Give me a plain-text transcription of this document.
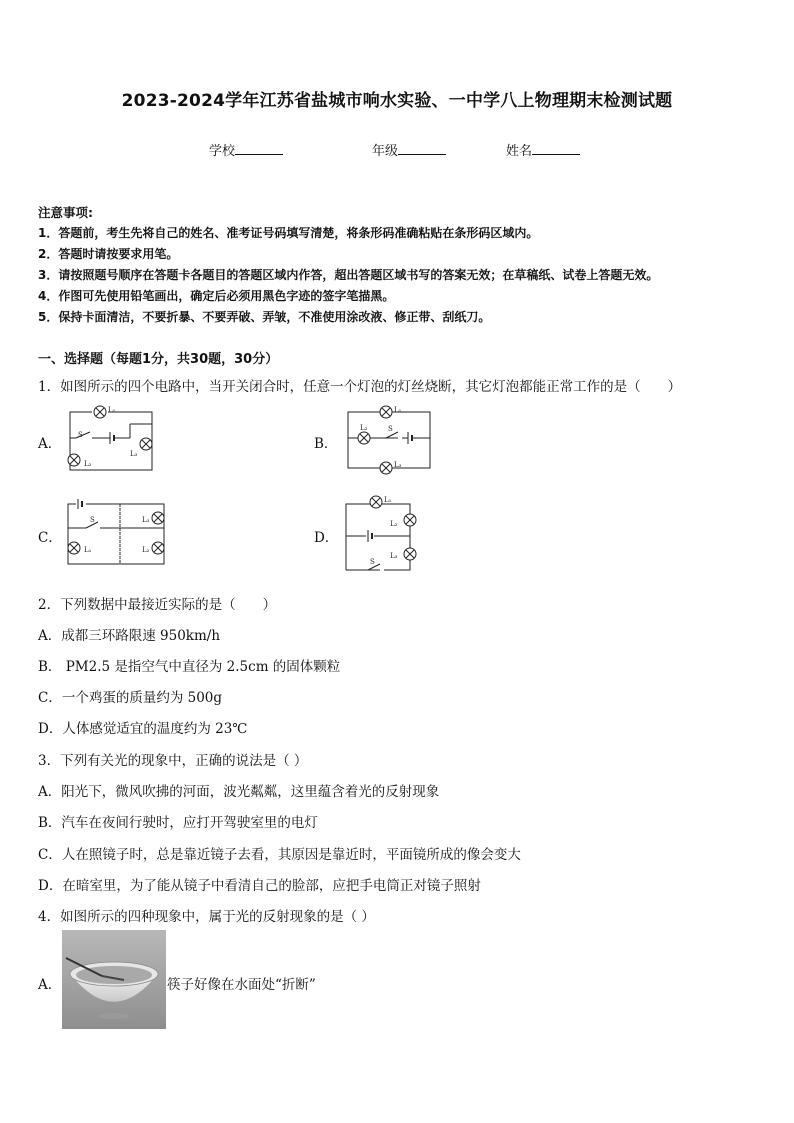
2023-2024学年江苏省盐城市响水实验、一中学八上物理期末检测试题
学校	年级	姓名
注意事项:
1．答题前，考生先将自己的姓名、准考证号码填写清楚，将条形码准确粘贴在条形码区域内。
2．答题时请按要求用笔。
3．请按照题号顺序在答题卡各题目的答题区域内作答，超出答题区域书写的答案无效；在草稿纸、试卷上答题无效。
4．作图可先使用铅笔画出，确定后必须用黑色字迹的签字笔描黑。
5．保持卡面清洁，不要折暴、不要弄破、弄皱，不准使用涂改液、修正带、刮纸刀。
一、选择题（每题1分，共30题，30分）
1．如图所示的四个电路中，当开关闭合时，任意一个灯泡的灯丝烧断，其它灯泡都能正常工作的是（　　）
A．	B．
C．	D．
L₁
S
L₃
L₂
L₁
L₂	S
L₃
S	L₃
L₁	L₂
L₁
L₂
L₃
S
2．下列数据中最接近实际的是（　　）
A．成都三环路限速 950km/h
B． PM2.5 是指空气中直径为 2.5cm 的固体颗粒
C．一个鸡蛋的质量约为 500g
D．人体感觉适宜的温度约为 23℃
3．下列有关光的现象中，正确的说法是（ ）
A．阳光下，微风吹拂的河面，波光粼粼，这里蕴含着光的反射现象
B．汽车在夜间行驶时，应打开驾驶室里的电灯
C．人在照镜子时，总是靠近镜子去看，其原因是靠近时，平面镜所成的像会变大
D．在暗室里，为了能从镜子中看清自己的脸部，应把手电筒正对镜子照射
4．如图所示的四种现象中，属于光的反射现象的是（ ）
A．	筷子好像在水面处“折断”
